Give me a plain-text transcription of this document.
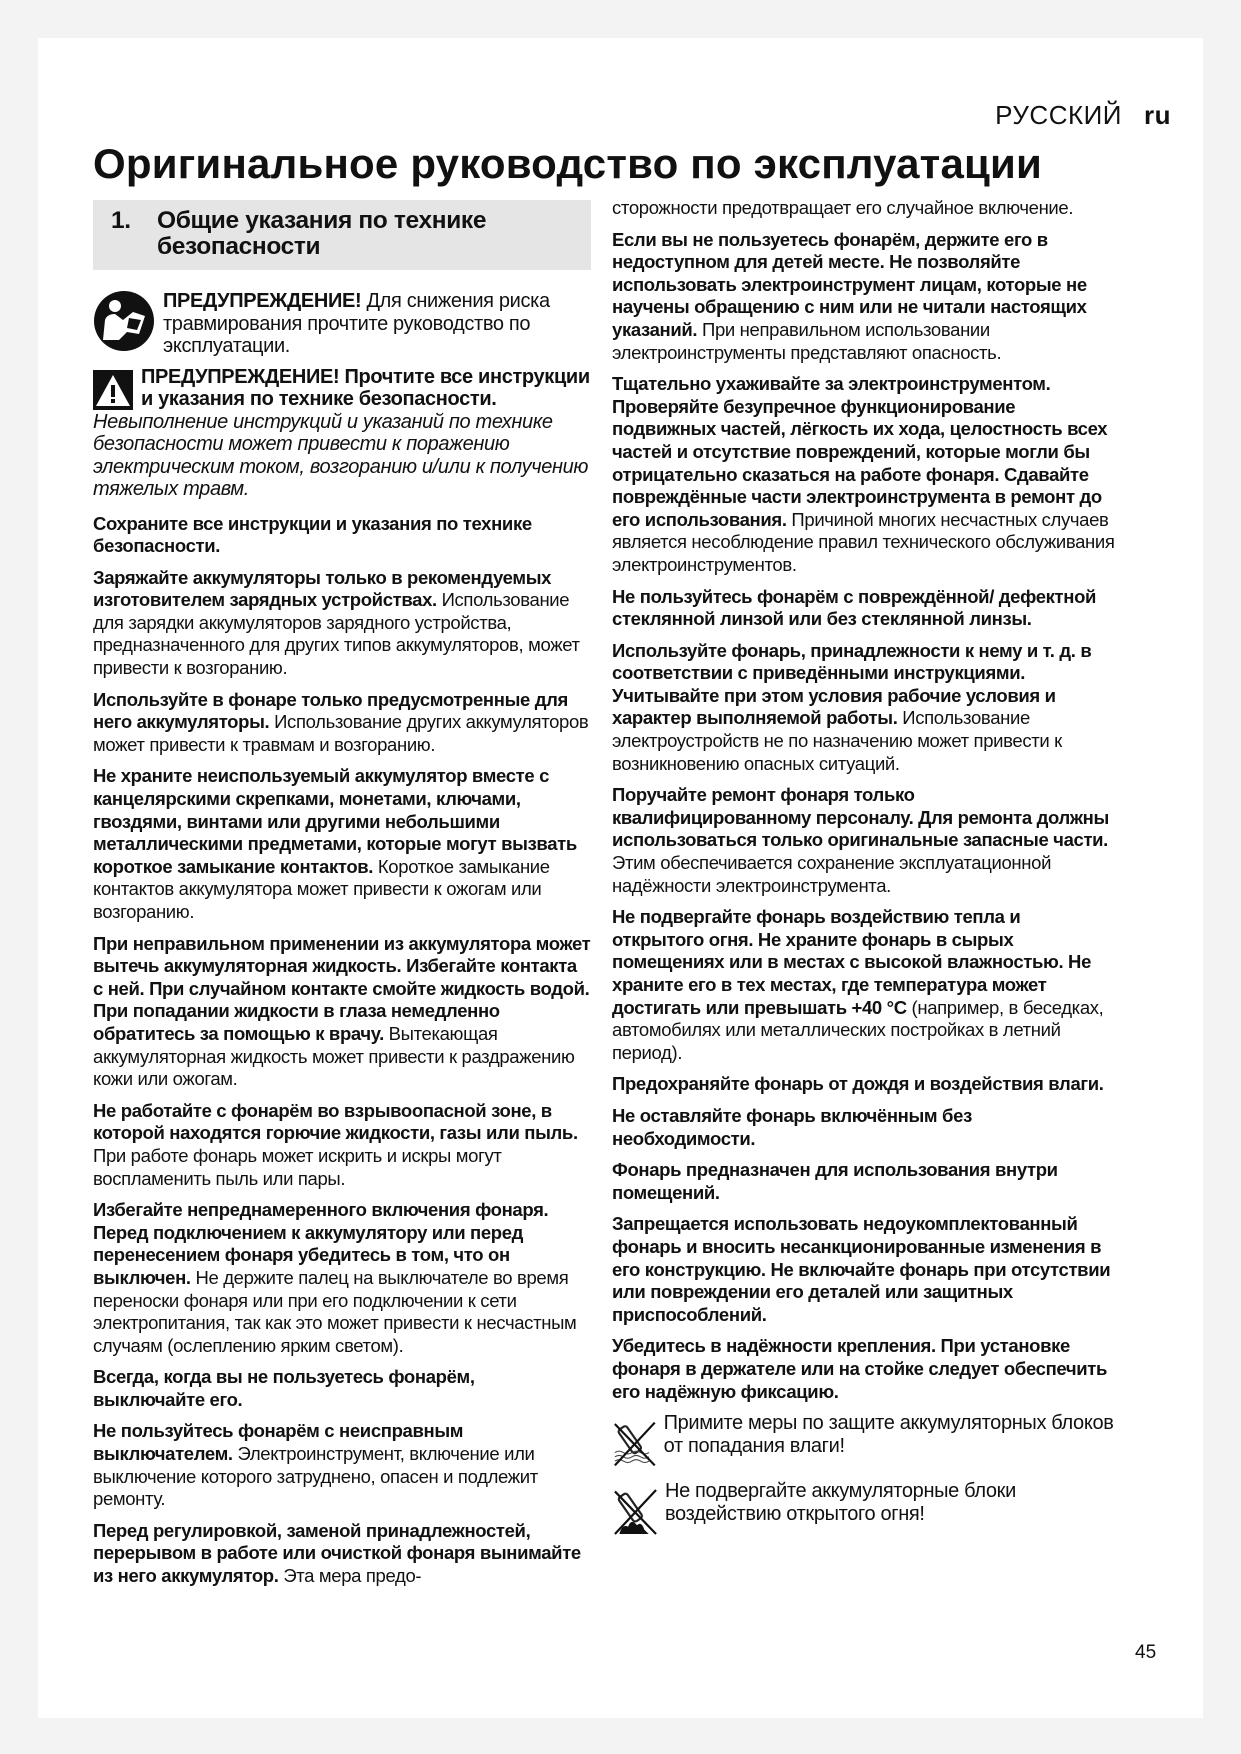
РУССКИЙ ru
Оригинальное руководство по эксплуатации
1.	Общие указания по технике безопасности
ПРЕДУПРЕЖДЕНИЕ! Для снижения риска травмирования прочтите руководство по эксплуатации.
ПРЕДУПРЕЖДЕНИЕ! Прочтите все инструкции и указания по технике безопасности. Невыполнение инструкций и указаний по технике безопасности может привести к поражению электрическим током, возгоранию и/или к получению тяжелых травм.

Сохраните все инструкции и указания по технике безопасности.

Заряжайте аккумуляторы только в рекомендуемых изготовителем зарядных устройствах. Использование для зарядки аккумуляторов зарядного устройства, предназначенного для других типов аккумуляторов, может привести к возгоранию.

Используйте в фонаре только предусмотренные для него аккумуляторы. Использование других аккумуляторов может привести к травмам и возгоранию.

Не храните неиспользуемый аккумулятор вместе с канцелярскими скрепками, монетами, ключами, гвоздями, винтами или другими небольшими металлическими предметами, которые могут вызвать короткое замыкание контактов. Короткое замыкание контактов аккумулятора может привести к ожогам или возгоранию.

При неправильном применении из аккумулятора может вытечь аккумуляторная жидкость. Избегайте контакта с ней. При случайном контакте смойте жидкость водой. При попадании жидкости в глаза немедленно обратитесь за помощью к врачу. Вытекающая аккумуляторная жидкость может привести к раздражению кожи или ожогам.

Не работайте с фонарём во взрывоопасной зоне, в которой находятся горючие жидкости, газы или пыль. При работе фонарь может искрить и искры могут воспламенить пыль или пары.

Избегайте непреднамеренного включения фонаря. Перед подключением к аккумулятору или перед перенесением фонаря убедитесь в том, что он выключен. Не держите палец на выключателе во время переноски фонаря или при его подключении к сети электропитания, так как это может привести к несчастным случаям (ослеплению ярким светом).

Всегда, когда вы не пользуетесь фонарём, выключайте его.

Не пользуйтесь фонарём с неисправным выключателем. Электроинструмент, включение или выключение которого затруднено, опасен и подлежит ремонту.

Перед регулировкой, заменой принадлежностей, перерывом в работе или очисткой фонаря вынимайте из него аккумулятор. Эта мера предо-

сторожности предотвращает его случайное включение.

Если вы не пользуетесь фонарём, держите его в недоступном для детей месте. Не позволяйте использовать электроинструмент лицам, которые не научены обращению с ним или не читали настоящих указаний. При неправильном использовании электроинструменты представляют опасность.

Тщательно ухаживайте за электроинструментом. Проверяйте безупречное функционирование подвижных частей, лёгкость их хода, целостность всех частей и отсутствие повреждений, которые могли бы отрицательно сказаться на работе фонаря. Сдавайте повреждённые части электроинструмента в ремонт до его использования. Причиной многих несчастных случаев является несоблюдение правил технического обслуживания электроинструментов.

Не пользуйтесь фонарём с повреждённой/ дефектной стеклянной линзой или без стеклянной линзы.

Используйте фонарь, принадлежности к нему и т. д. в соответствии с приведёнными инструкциями. Учитывайте при этом условия рабочие условия и характер выполняемой работы. Использование электроустройств не по назначению может привести к возникновению опасных ситуаций.

Поручайте ремонт фонаря только квалифицированному персоналу. Для ремонта должны использоваться только оригинальные запасные части. Этим обеспечивается сохранение эксплуатационной надёжности электроинструмента.

Не подвергайте фонарь воздействию тепла и открытого огня. Не храните фонарь в сырых помещениях или в местах с высокой влажностью. Не храните его в тех местах, где температура может достигать или превышать +40 °C (например, в беседках, автомобилях или металлических постройках в летний период).

Предохраняйте фонарь от дождя и воздействия влаги.

Не оставляйте фонарь включённым без необходимости.

Фонарь предназначен для использования внутри помещений.

Запрещается использовать недоукомплектованный фонарь и вносить несанкционированные изменения в его конструкцию. Не включайте фонарь при отсутствии или повреждении его деталей или защитных приспособлений.

Убедитесь в надёжности крепления. При установке фонаря в держателе или на стойке следует обеспечить его надёжную фиксацию.

Примите меры по защите аккумуляторных блоков от попадания влаги!
Не подвергайте аккумуляторные блоки воздействию открытого огня!
45
